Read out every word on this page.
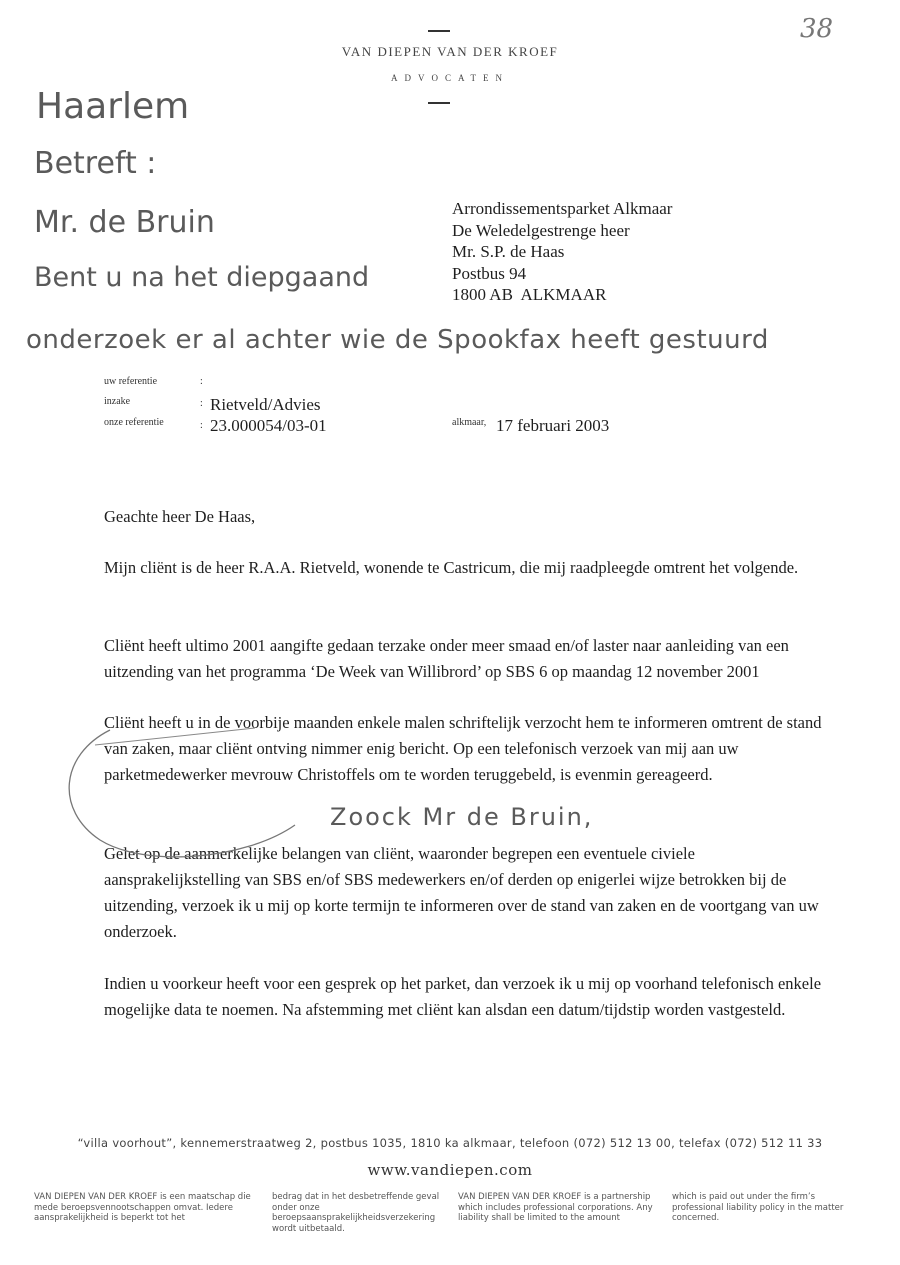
VAN DIEPEN VAN DER KROEF
ADVOCATEN
38
Haarlem
Betreft :
Mr. de Bruin
Bent u na het diepgaand
onderzoek er al achter wie de Spookfax heeft gestuurd
Arrondissementsparket Alkmaar
De Weledelgestrenge heer
Mr. S.P. de Haas
Postbus 94
1800 AB  ALKMAAR
uw referentie	:
inzake	: Rietveld/Advies
onze referentie	: 23.000054/03-01	alkmaar, 17 februari 2003
Geachte heer De Haas,
Mijn cliënt is de heer R.A.A. Rietveld, wonende te Castricum, die mij raadpleegde omtrent het volgende.
Cliënt heeft ultimo 2001 aangifte gedaan terzake onder meer smaad en/of laster naar aanleiding van een uitzending van het programma ‘De Week van Willibrord’ op SBS 6 op maandag 12 november 2001
Cliënt heeft u in de voorbije maanden enkele malen schriftelijk verzocht hem te informeren omtrent de stand van zaken, maar cliënt ontving nimmer enig bericht. Op een telefonisch verzoek van mij aan uw parketmedewerker mevrouw Christoffels om te worden teruggebeld, is evenmin gereageerd.
Zoock Mr de Bruin,
Gelet op de aanmerkelijke belangen van cliënt, waaronder begrepen een eventuele civiele aansprakelijkstelling van SBS en/of SBS medewerkers en/of derden op enigerlei wijze betrokken bij de uitzending, verzoek ik u mij op korte termijn te informeren over de stand van zaken en de voortgang van uw onderzoek.
Indien u voorkeur heeft voor een gesprek op het parket, dan verzoek ik u mij op voorhand telefonisch enkele mogelijke data te noemen. Na afstemming met cliënt kan alsdan een datum/tijdstip worden vastgesteld.
“villa voorhout”, kennemerstraatweg 2, postbus 1035, 1810 ka alkmaar, telefoon (072) 512 13 00, telefax (072) 512 11 33
www.vandiepen.com
VAN DIEPEN VAN DER KROEF is een maatschap die mede beroepsvennootschappen omvat. Iedere aansprakelijkheid is beperkt tot het
bedrag dat in het desbetreffende geval onder onze beroepsaansprakelijkheidsverzekering wordt uitbetaald.
VAN DIEPEN VAN DER KROEF is a partnership which includes professional corporations. Any liability shall be limited to the amount
which is paid out under the firm’s professional liability policy in the matter concerned.
